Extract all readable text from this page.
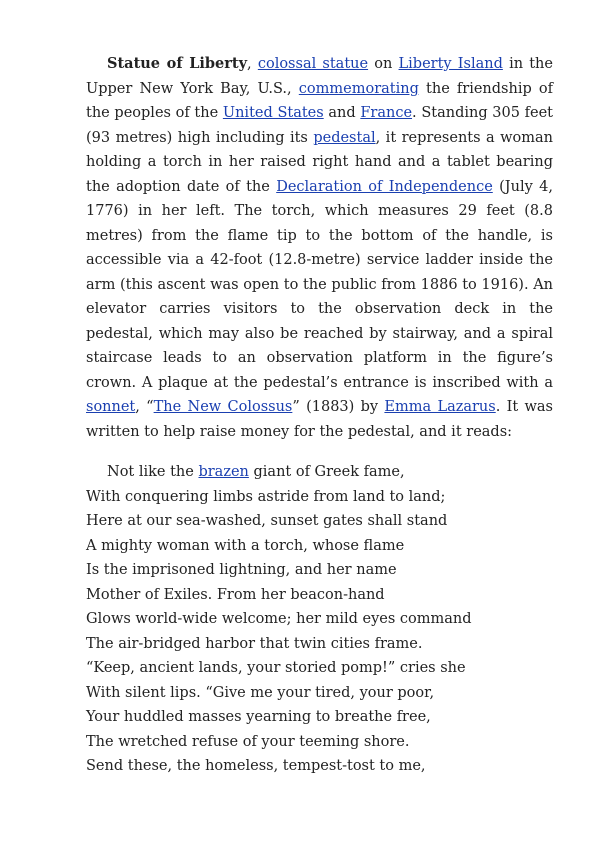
Statue of Liberty, colossal statue on Liberty Island in the Upper New York Bay, U.S., commemorating the friendship of the peoples of the United States and France. Standing 305 feet (93 metres) high including its pedestal, it represents a woman holding a torch in her raised right hand and a tablet bearing the adoption date of the Declaration of Independence (July 4, 1776) in her left. The torch, which measures 29 feet (8.8 metres) from the flame tip to the bottom of the handle, is accessible via a 42-foot (12.8-metre) service ladder inside the arm (this ascent was open to the public from 1886 to 1916). An elevator carries visitors to the observation deck in the pedestal, which may also be reached by stairway, and a spiral staircase leads to an observation platform in the figure’s crown. A plaque at the pedestal’s entrance is inscribed with a sonnet, “The New Colossus” (1883) by Emma Lazarus. It was written to help raise money for the pedestal, and it reads:

Not like the brazen giant of Greek fame,
With conquering limbs astride from land to land;
Here at our sea-washed, sunset gates shall stand
A mighty woman with a torch, whose flame
Is the imprisoned lightning, and her name
Mother of Exiles. From her beacon-hand
Glows world-wide welcome; her mild eyes command
The air-bridged harbor that twin cities frame.
“Keep, ancient lands, your storied pomp!” cries she
With silent lips. “Give me your tired, your poor,
Your huddled masses yearning to breathe free,
The wretched refuse of your teeming shore.
Send these, the homeless, tempest-tost to me,
